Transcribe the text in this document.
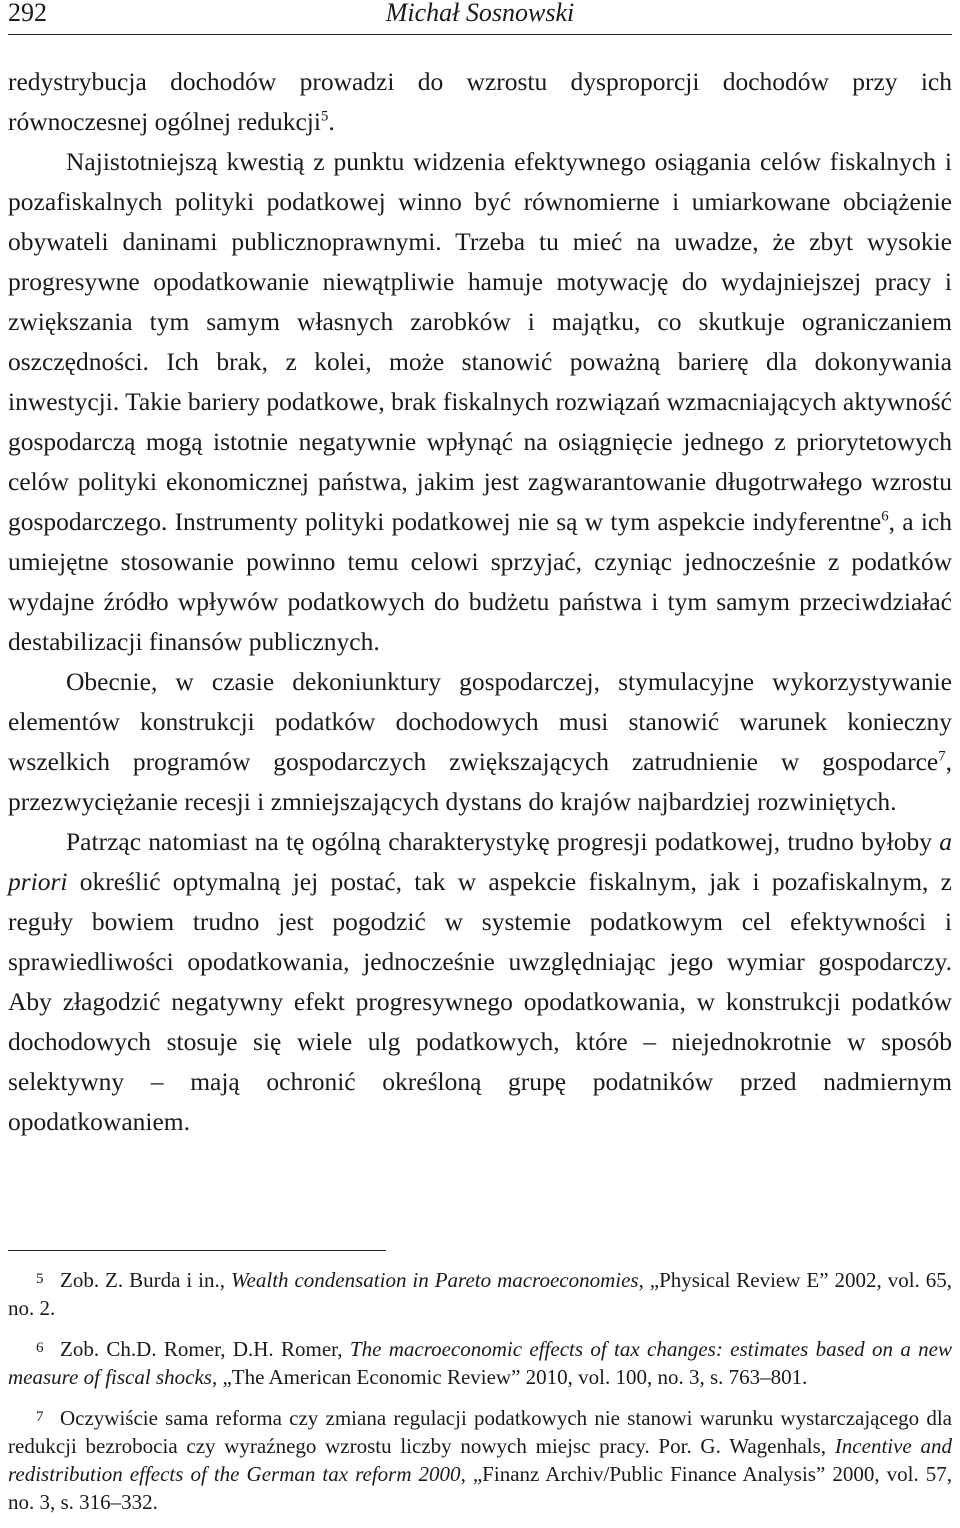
292	Michał Sosnowski

redystrybucja dochodów prowadzi do wzrostu dysproporcji dochodów przy ich równoczesnej ogólnej redukcji$^5$.

Najistotniejszą kwestią z punktu widzenia efektywnego osiągania celów fiskalnych i pozafiskalnych polityki podatkowej winno być równomierne i umiarkowane obciążenie obywateli daninami publicznoprawnymi. Trzeba tu mieć na uwadze, że zbyt wysokie progresywne opodatkowanie niewątpliwie hamuje motywację do wydajniejszej pracy i zwiększania tym samym własnych zarobków i majątku, co skutkuje ograniczaniem oszczędności. Ich brak, z kolei, może stanowić poważną barierę dla dokonywania inwestycji. Takie bariery podatkowe, brak fiskalnych rozwiązań wzmacniających aktywność gospodarczą mogą istotnie negatywnie wpłynąć na osiągnięcie jednego z priorytetowych celów polityki ekonomicznej państwa, jakim jest zagwarantowanie długotrwałego wzrostu gospodarczego. Instrumenty polityki podatkowej nie są w tym aspekcie indyferentne$^6$, a ich umiejętne stosowanie powinno temu celowi sprzyjać, czyniąc jednocześnie z podatków wydajne źródło wpływów podatkowych do budżetu państwa i tym samym przeciwdziałać destabilizacji finansów publicznych.

Obecnie, w czasie dekoniunktury gospodarczej, stymulacyjne wykorzystywanie elementów konstrukcji podatków dochodowych musi stanowić warunek konieczny wszelkich programów gospodarczych zwiększających zatrudnienie w gospodarce$^7$, przezwyciężanie recesji i zmniejszających dystans do krajów najbardziej rozwiniętych.

Patrząc natomiast na tę ogólną charakterystykę progresji podatkowej, trudno byłoby a priori określić optymalną jej postać, tak w aspekcie fiskalnym, jak i pozafiskalnym, z reguły bowiem trudno jest pogodzić w systemie podatkowym cel efektywności i sprawiedliwości opodatkowania, jednocześnie uwzględniając jego wymiar gospodarczy. Aby złagodzić negatywny efekt progresywnego opodatkowania, w konstrukcji podatków dochodowych stosuje się wiele ulg podatkowych, które – niejednokrotnie w sposób selektywny – mają ochronić określoną grupę podatników przed nadmiernym opodatkowaniem.

5 Zob. Z. Burda i in., Wealth condensation in Pareto macroeconomies, „Physical Review E” 2002, vol. 65, no. 2.

6 Zob. Ch.D. Romer, D.H. Romer, The macroeconomic effects of tax changes: estimates based on a new measure of fiscal shocks, „The American Economic Review” 2010, vol. 100, no. 3, s. 763–801.

7 Oczywiście sama reforma czy zmiana regulacji podatkowych nie stanowi warunku wystarczającego dla redukcji bezrobocia czy wyraźnego wzrostu liczby nowych miejsc pracy. Por. G. Wagenhals, Incentive and redistribution effects of the German tax reform 2000, „Finanz Archiv/Public Finance Analysis” 2000, vol. 57, no. 3, s. 316–332.
